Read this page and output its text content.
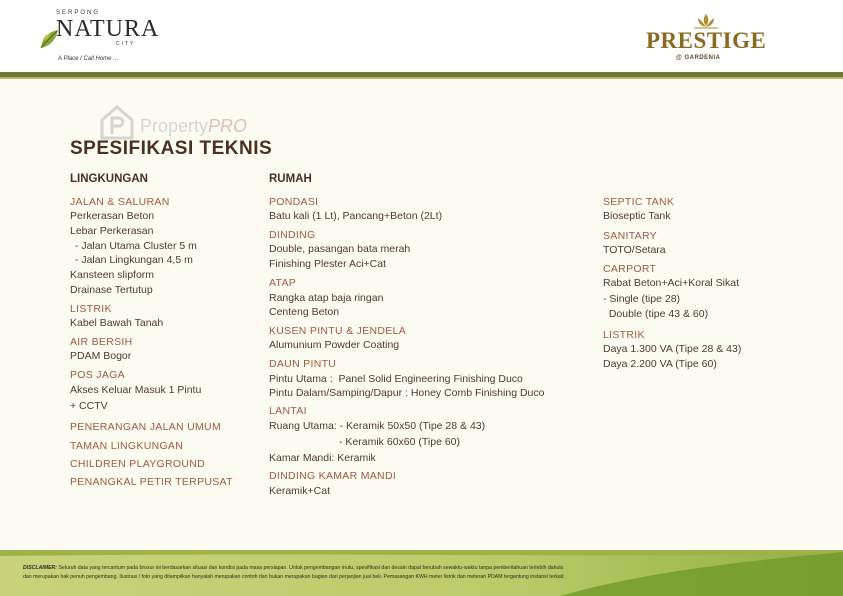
SERPONG
NATURA
CITY
A Place I Call Home ...
PRESTIGE
@ GARDENIA
PropertyPRO
SPESIFIKASI TEKNIS
LINGKUNGAN
JALAN & SALURAN
Perkerasan Beton
Lebar Perkerasan
- Jalan Utama Cluster 5 m
- Jalan Lingkungan 4,5 m
Kansteen slipform
Drainase Tertutup
LISTRIK
Kabel Bawah Tanah
AIR BERSIH
PDAM Bogor
POS JAGA
Akses Keluar Masuk 1 Pintu
+ CCTV
PENERANGAN JALAN UMUM
TAMAN LINGKUNGAN
CHILDREN PLAYGROUND
PENANGKAL PETIR TERPUSAT
RUMAH
PONDASI
Batu kali (1 Lt), Pancang+Beton (2Lt)
DINDING
Double, pasangan bata merah
Finishing Plester Aci+Cat
ATAP
Rangka atap baja ringan
Centeng Beton
KUSEN PINTU & JENDELA
Alumunium Powder Coating
DAUN PINTU
Pintu Utama :  Panel Solid Engineering Finishing Duco
Pintu Dalam/Samping/Dapur : Honey Comb Finishing Duco
LANTAI
Ruang Utama: - Keramik 50x50 (Tipe 28 & 43)
- Keramik 60x60 (Tipe 60)
Kamar Mandi: Keramik
DINDING KAMAR MANDI
Keramik+Cat
SEPTIC TANK
Bioseptic Tank
SANITARY
TOTO/Setara
CARPORT
Rabat Beton+Aci+Koral Sikat
- Single (tipe 28)
Double (tipe 43 & 60)
LISTRIK
Daya 1.300 VA (Tipe 28 & 43)
Daya 2.200 VA (Tipe 60)
DISCLAIMER: Seluruh data yang tercantum pada brosur ini berdasarkan situasi dan kondisi pada masa persiapan. Untuk pengembangan mutu, spesifikasi dan desain dapat berubah sewaktu-waktu tanpa pemberitahuan terlebih dahulu
dan merupakan hak penuh pengembang. Ilustrasi / foto yang ditampilkan hanyalah merupakan contoh dan bukan merupakan bagian dari perjanjian jual beli. Pemasangan KWH meter listrik dan meteran PDAM tergantung instansi terkait.
